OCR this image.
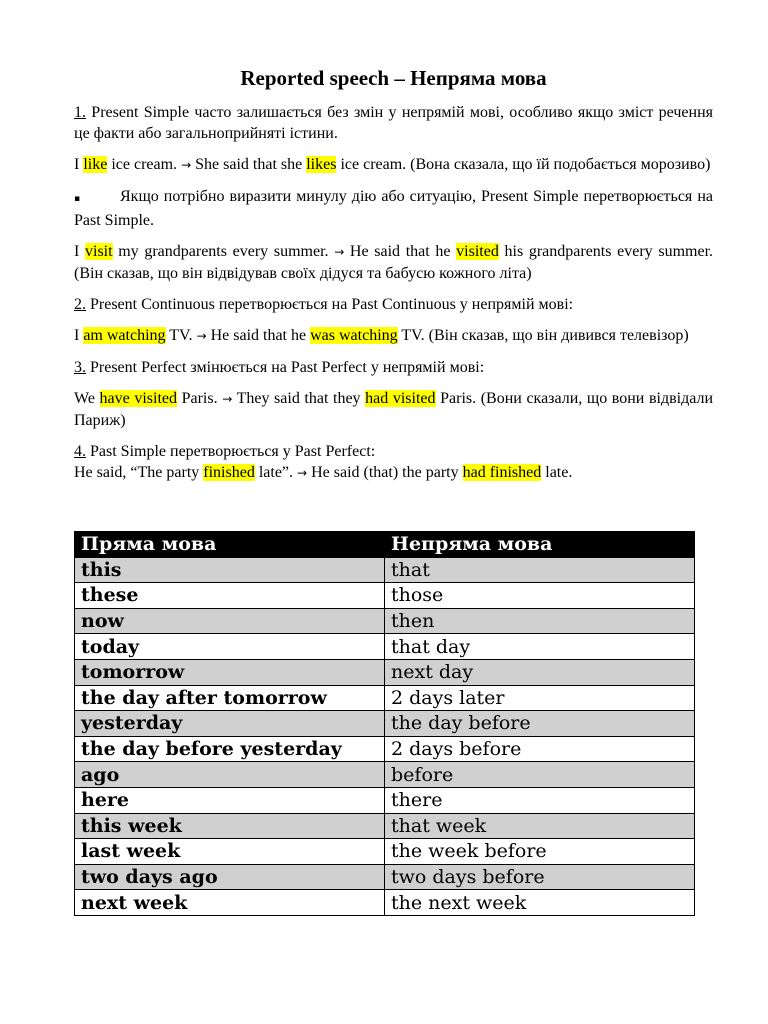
Reported speech – Непряма мова
1. Present Simple часто залишається без змін у непрямій мові, особливо якщо зміст речення це факти або загальноприйняті істини.
I like ice cream. → She said that she likes ice cream. (Вона сказала, що їй подобається морозиво)
▪ Якщо потрібно виразити минулу дію або ситуацію, Present Simple перетворюється на Past Simple.
I visit my grandparents every summer. → He said that he visited his grandparents every summer. (Він сказав, що він відвідував своїх дідуся та бабусю кожного літа)
2. Present Continuous перетворюється на Past Continuous у непрямій мові:
I am watching TV. → He said that he was watching TV. (Він сказав, що він дивився телевізор)
3. Present Perfect змінюється на Past Perfect у непрямій мові:
We have visited Paris. → They said that they had visited Paris. (Вони сказали, що вони відвідали Париж)
4. Past Simple перетворюється у Past Perfect:
He said, “The party finished late”. → He said (that) the party had finished late.
Пряма мова	Непряма мова
this	that
these	those
now	then
today	that day
tomorrow	next day
the day after tomorrow	2 days later
yesterday	the day before
the day before yesterday	2 days before
ago	before
here	there
this week	that week
last week	the week before
two days ago	two days before
next week	the next week
